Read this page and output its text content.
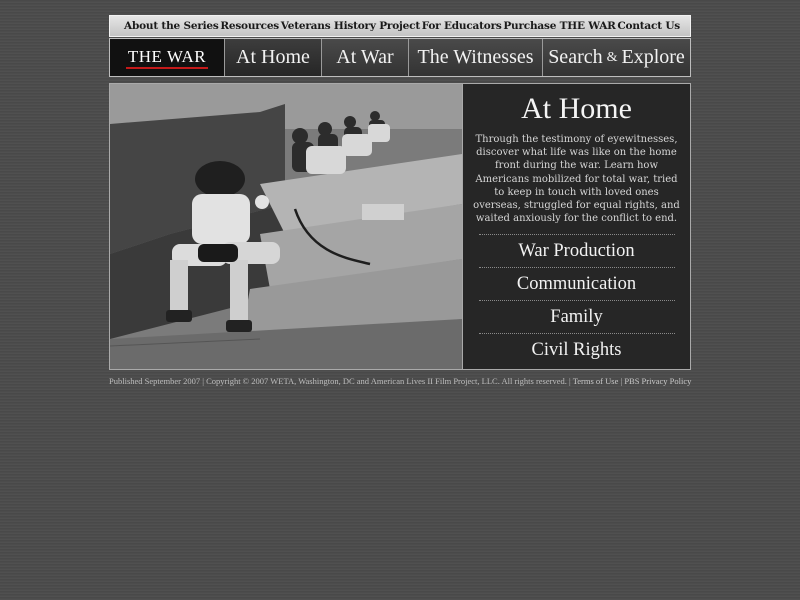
About the Series Resources Veterans History Project For Educators Purchase THE WAR Contact Us
THE WAR	At Home	At War	The Witnesses Search & Explore
At Home

Through the testimony of eyewitnesses, discover what life was like on the home front during the war. Learn how Americans mobilized for total war, tried to keep in touch with loved ones overseas, struggled for equal rights, and waited anxiously for the conflict to end.

War Production
Communication
Family
Civil Rights
Published September 2007 | Copyright © 2007 WETA, Washington, DC and American Lives II Film Project, LLC. All rights reserved. | Terms of Use | PBS Privacy Policy
